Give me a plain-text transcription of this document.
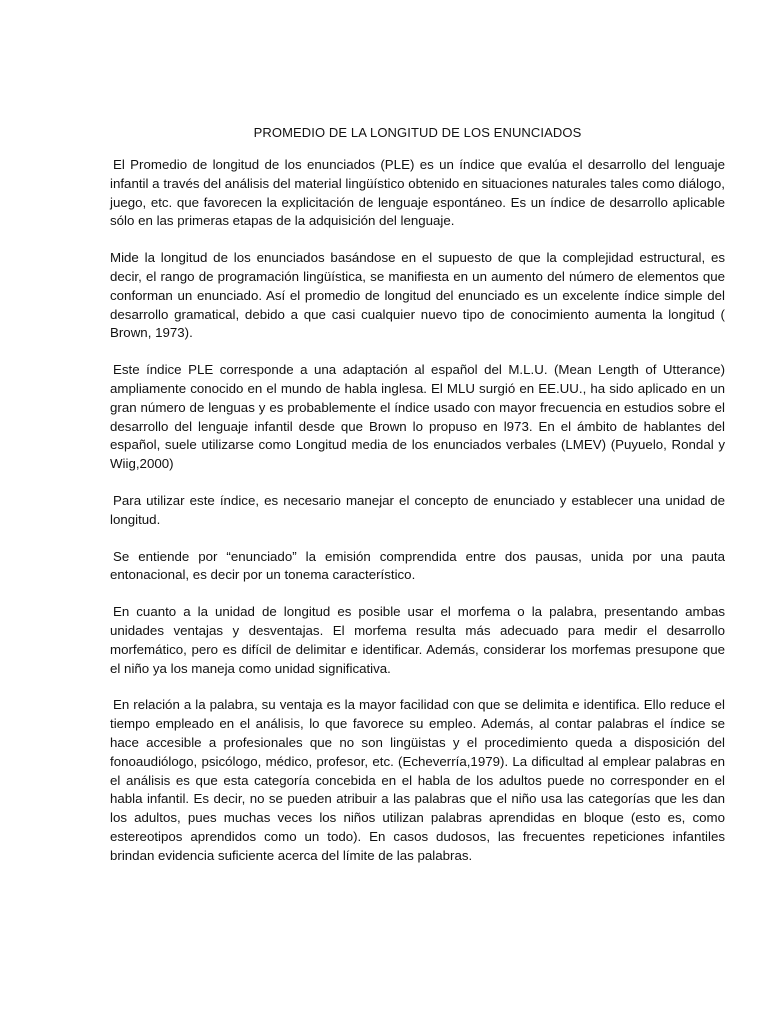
PROMEDIO DE LA LONGITUD DE LOS ENUNCIADOS

El Promedio de longitud de los enunciados (PLE) es un índice que evalúa el desarrollo del lenguaje infantil a través del análisis del material lingüístico obtenido en situaciones naturales tales como diálogo, juego, etc. que favorecen la explicitación de lenguaje espontáneo. Es un índice de desarrollo aplicable sólo en las primeras etapas de la adquisición del lenguaje.

Mide la longitud de los enunciados basándose en el supuesto de que la complejidad estructural, es decir, el rango de programación lingüística, se manifiesta en un aumento del número de elementos que conforman un enunciado. Así el promedio de longitud del enunciado es un excelente índice simple del desarrollo gramatical, debido a que casi cualquier nuevo tipo de conocimiento aumenta la longitud ( Brown, 1973).

Este índice PLE corresponde a una adaptación al español del M.L.U. (Mean Length of Utterance) ampliamente conocido en el mundo de habla inglesa. El MLU surgió en EE.UU., ha sido aplicado en un gran número de lenguas y es probablemente el índice usado con mayor frecuencia en estudios sobre el desarrollo del lenguaje infantil desde que Brown lo propuso en l973. En el ámbito de hablantes del español, suele utilizarse como Longitud media de los enunciados verbales (LMEV) (Puyuelo, Rondal y Wiig,2000)

Para utilizar este índice, es necesario manejar el concepto de enunciado y establecer una unidad de longitud.

Se entiende por “enunciado” la emisión comprendida entre dos pausas, unida por una pauta entonacional, es decir por un tonema característico.

En cuanto a la unidad de longitud es posible usar el morfema o la palabra, presentando ambas unidades ventajas y desventajas. El morfema resulta más adecuado para medir el desarrollo morfemático, pero es difícil de delimitar e identificar. Además, considerar los morfemas presupone que el niño ya los maneja como unidad significativa.

En relación a la palabra, su ventaja es la mayor facilidad con que se delimita e identifica. Ello reduce el tiempo empleado en el análisis, lo que favorece su empleo. Además, al contar palabras el índice se hace accesible a profesionales que no son lingüistas y el procedimiento queda a disposición del fonoaudiólogo, psicólogo, médico, profesor, etc. (Echeverría,1979). La dificultad al emplear palabras en el análisis es que esta categoría concebida en el habla de los adultos puede no corresponder en el habla infantil. Es decir, no se pueden atribuir a las palabras que el niño usa las categorías que les dan los adultos, pues muchas veces los niños utilizan palabras aprendidas en bloque (esto es, como estereotipos aprendidos como un todo). En casos dudosos, las frecuentes repeticiones infantiles brindan evidencia suficiente acerca del límite de las palabras.
